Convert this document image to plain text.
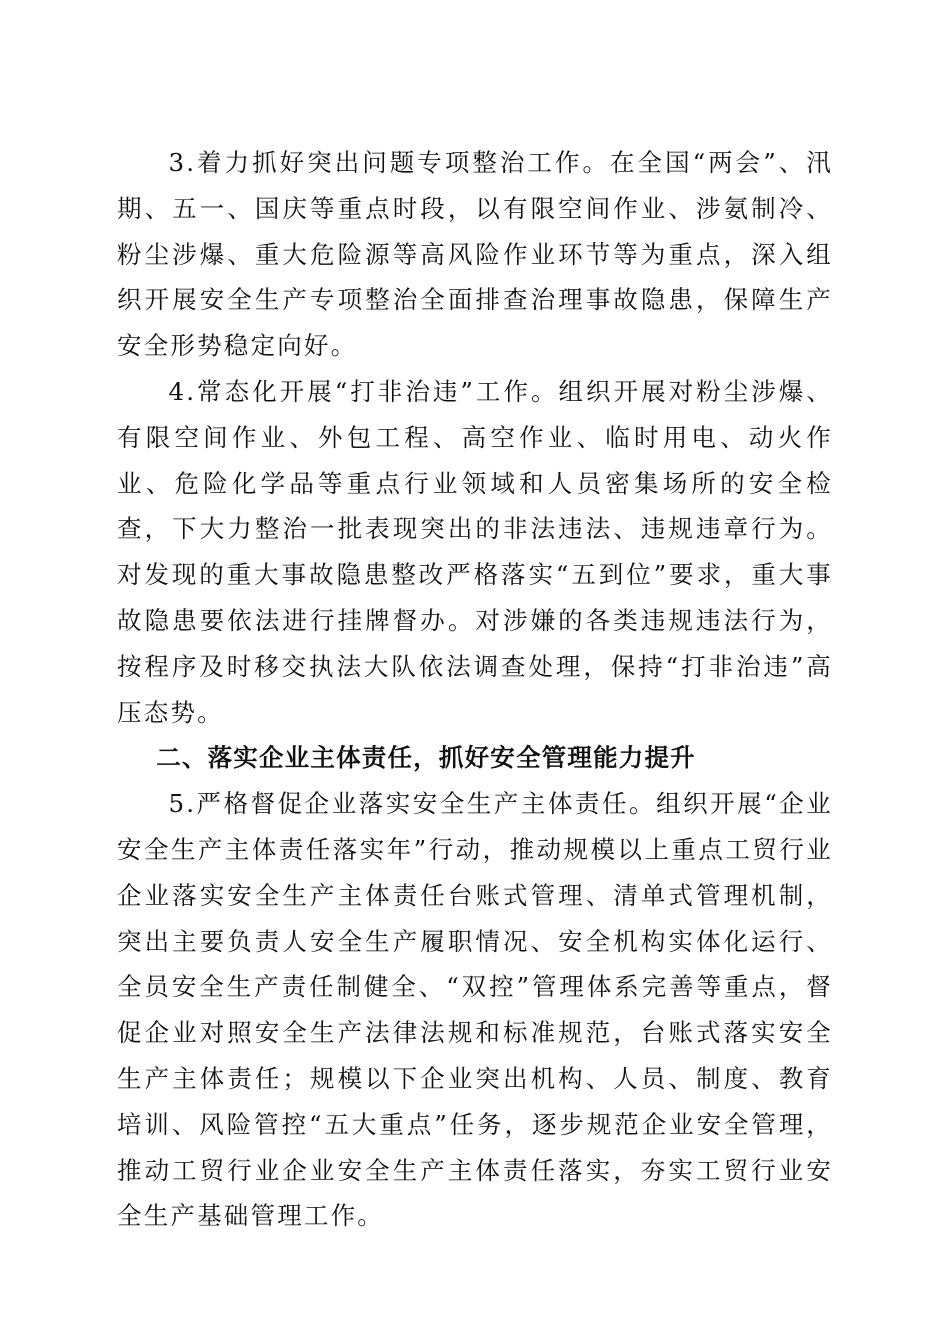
3.着力抓好突出问题专项整治工作。在全国“两会”、汛期、五一、国庆等重点时段，以有限空间作业、涉氨制冷、粉尘涉爆、重大危险源等高风险作业环节等为重点，深入组织开展安全生产专项整治全面排查治理事故隐患，保障生产安全形势稳定向好。

4.常态化开展“打非治违”工作。组织开展对粉尘涉爆、有限空间作业、外包工程、高空作业、临时用电、动火作业、危险化学品等重点行业领域和人员密集场所的安全检查，下大力整治一批表现突出的非法违法、违规违章行为。对发现的重大事故隐患整改严格落实“五到位”要求，重大事故隐患要依法进行挂牌督办。对涉嫌的各类违规违法行为，按程序及时移交执法大队依法调查处理，保持“打非治违”高压态势。

二、落实企业主体责任，抓好安全管理能力提升

5.严格督促企业落实安全生产主体责任。组织开展“企业安全生产主体责任落实年”行动，推动规模以上重点工贸行业企业落实安全生产主体责任台账式管理、清单式管理机制，突出主要负责人安全生产履职情况、安全机构实体化运行、全员安全生产责任制健全、“双控”管理体系完善等重点，督促企业对照安全生产法律法规和标准规范，台账式落实安全生产主体责任；规模以下企业突出机构、人员、制度、教育培训、风险管控“五大重点”任务，逐步规范企业安全管理，推动工贸行业企业安全生产主体责任落实，夯实工贸行业安全生产基础管理工作。
